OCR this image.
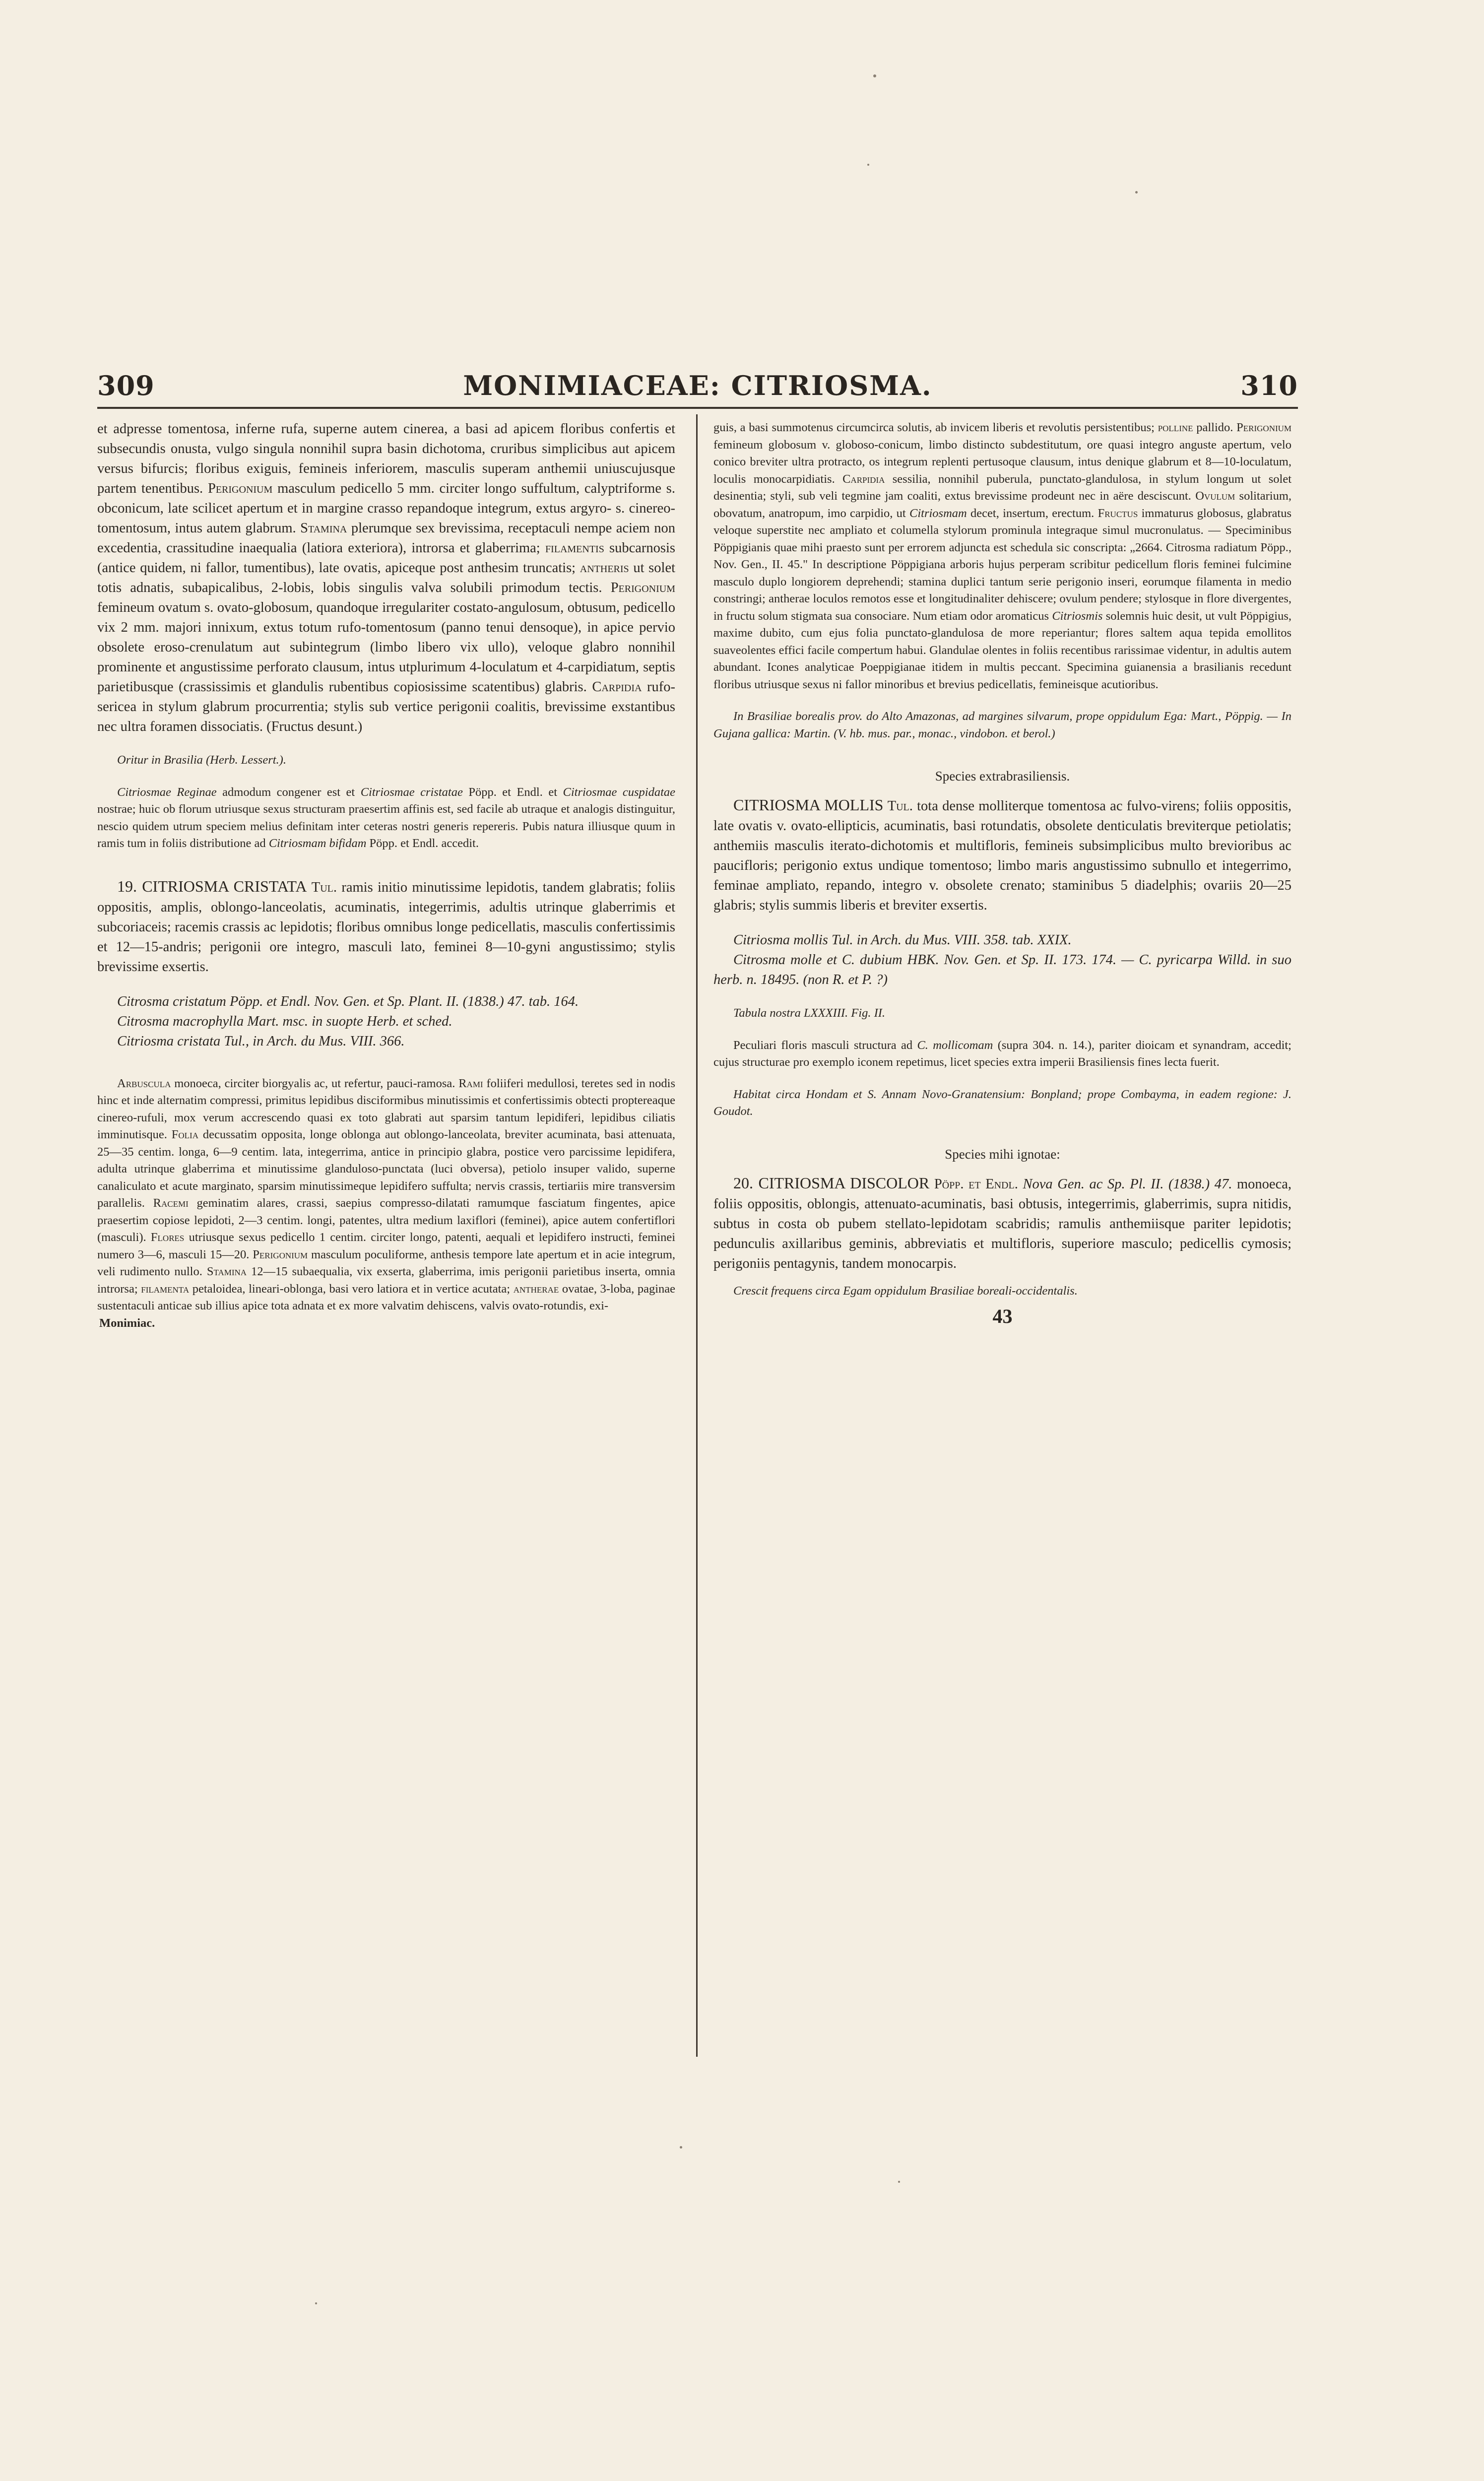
309	MONIMIACEAE: CITRIOSMA.	310

et adpresse tomentosa, inferne rufa, superne autem cinerea, a basi ad apicem floribus confertis et subsecundis onusta, vulgo singula nonnihil supra basin dichotoma, cruribus simplicibus aut apicem versus bifurcis; floribus exiguis, femineis inferiorem, masculis superam anthemii uniuscujusque partem tenentibus. Perigonium masculum pedicello 5 mm. circiter longo suffultum, calyptriforme s. obconicum, late scilicet apertum et in margine crasso repandoque integrum, extus argyro- s. cinereo-tomentosum, intus autem glabrum. Stamina plerumque sex brevissima, receptaculi nempe aciem non excedentia, crassitudine inaequalia (latiora exteriora), introrsa et glaberrima; filamentis subcarnosis (antice quidem, ni fallor, tumentibus), late ovatis, apiceque post anthesim truncatis; antheris ut solet totis adnatis, subapicalibus, 2-lobis, lobis singulis valva solubili primodum tectis. Perigonium femineum ovatum s. ovato-globosum, quandoque irregulariter costato-angulosum, obtusum, pedicello vix 2 mm. majori innixum, extus totum rufo-tomentosum (panno tenui densoque), in apice pervio obsolete eroso-crenulatum aut subintegrum (limbo libero vix ullo), veloque glabro nonnihil prominente et angustissime perforato clausum, intus utplurimum 4-loculatum et 4-carpidiatum, septis parietibusque (crassissimis et glandulis rubentibus copiosissime scatentibus) glabris. Carpidia rufo-sericea in stylum glabrum procurrentia; stylis sub vertice perigonii coalitis, brevissime exstantibus nec ultra foramen dissociatis. (Fructus desunt.)

Oritur in Brasilia (Herb. Lessert.).

Citriosmae Reginae admodum congener est et Citriosmae cristatae Pöpp. et Endl. et Citriosmae cuspidatae nostrae; huic ob florum utriusque sexus structuram praesertim affinis est, sed facile ab utraque et analogis distinguitur, nescio quidem utrum speciem melius definitam inter ceteras nostri generis repereris. Pubis natura illiusque quum in ramis tum in foliis distributione ad Citriosmam bifidam Pöpp. et Endl. accedit.

19. CITRIOSMA CRISTATA Tul. ramis initio minutissime lepidotis, tandem glabratis; foliis oppositis, amplis, oblongo-lanceolatis, acuminatis, integerrimis, adultis utrinque glaberrimis et subcoriaceis; racemis crassis ac lepidotis; floribus omnibus longe pedicellatis, masculis confertissimis et 12—15-andris; perigonii ore integro, masculi lato, feminei 8—10-gyni angustissimo; stylis brevissime exsertis.

Citrosma cristatum Pöpp. et Endl. Nov. Gen. et Sp. Plant. II. (1838.) 47. tab. 164.

Citrosma macrophylla Mart. msc. in suopte Herb. et sched.

Citriosma cristata Tul., in Arch. du Mus. VIII. 366.

Arbuscula monoeca, circiter biorgyalis ac, ut refertur, pauci-ramosa. Rami foliiferi medullosi, teretes sed in nodis hinc et inde alternatim compressi, primitus lepidibus disciformibus minutissimis et confertissimis obtecti proptereaque cinereo-rufuli, mox verum accrescendo quasi ex toto glabrati aut sparsim tantum lepidiferi, lepidibus ciliatis imminutisque. Folia decussatim opposita, longe oblonga aut oblongo-lanceolata, breviter acuminata, basi attenuata, 25—35 centim. longa, 6—9 centim. lata, integerrima, antice in principio glabra, postice vero parcissime lepidifera, adulta utrinque glaberrima et minutissime glanduloso-punctata (luci obversa), petiolo insuper valido, superne canaliculato et acute marginato, sparsim minutissimeque lepidifero suffulta; nervis crassis, tertiariis mire transversim parallelis. Racemi geminatim alares, crassi, saepius compresso-dilatati ramumque fasciatum fingentes, apice praesertim copiose lepidoti, 2—3 centim. longi, patentes, ultra medium laxiflori (feminei), apice autem confertiflori (masculi). Flores utriusque sexus pedicello 1 centim. circiter longo, patenti, aequali et lepidifero instructi, feminei numero 3—6, masculi 15—20. Perigonium masculum poculiforme, anthesis tempore late apertum et in acie integrum, veli rudimento nullo. Stamina 12—15 subaequalia, vix exserta, glaberrima, imis perigonii parietibus inserta, omnia introrsa; filamenta petaloidea, lineari-oblonga, basi vero latiora et in vertice acutata; antherae ovatae, 3-loba, paginae sustentaculi anticae sub illius apice tota adnata et ex more valvatim dehiscens, valvis ovato-rotundis, exi-

Monimiac.

guis, a basi summotenus circumcirca solutis, ab invicem liberis et revolutis persistentibus; polline pallido. Perigonium femineum globosum v. globoso-conicum, limbo distincto subdestitutum, ore quasi integro anguste apertum, velo conico breviter ultra protracto, os integrum replenti pertusoque clausum, intus denique glabrum et 8—10-loculatum, loculis monocarpidiatis. Carpidia sessilia, nonnihil puberula, punctato-glandulosa, in stylum longum ut solet desinentia; styli, sub veli tegmine jam coaliti, extus brevissime prodeunt nec in aëre desciscunt. Ovulum solitarium, obovatum, anatropum, imo carpidio, ut Citriosmam decet, insertum, erectum. Fructus immaturus globosus, glabratus veloque superstite nec ampliato et columella stylorum prominula integraque simul mucronulatus. — Speciminibus Pöppigianis quae mihi praesto sunt per errorem adjuncta est schedula sic conscripta: „2664. Citrosma radiatum Pöpp., Nov. Gen., II. 45." In descriptione Pöppigiana arboris hujus perperam scribitur pedicellum floris feminei fulcimine masculo duplo longiorem deprehendi; stamina duplici tantum serie perigonio inseri, eorumque filamenta in medio constringi; antherae loculos remotos esse et longitudinaliter dehiscere; ovulum pendere; stylosque in flore divergentes, in fructu solum stigmata sua consociare. Num etiam odor aromaticus Citriosmis solemnis huic desit, ut vult Pöppigius, maxime dubito, cum ejus folia punctato-glandulosa de more reperiantur; flores saltem aqua tepida emollitos suaveolentes effici facile compertum habui. Glandulae olentes in foliis recentibus rarissimae videntur, in adultis autem abundant. Icones analyticae Poeppigianae itidem in multis peccant. Specimina guianensia a brasilianis recedunt floribus utriusque sexus ni fallor minoribus et brevius pedicellatis, femineisque acutioribus.

In Brasiliae borealis prov. do Alto Amazonas, ad margines silvarum, prope oppidulum Ega: Mart., Pöppig. — In Gujana gallica: Martin. (V. hb. mus. par., monac., vindobon. et berol.)

Species extrabrasiliensis.

CITRIOSMA MOLLIS Tul. tota dense molliterque tomentosa ac fulvo-virens; foliis oppositis, late ovatis v. ovato-ellipticis, acuminatis, basi rotundatis, obsolete denticulatis breviterque petiolatis; anthemiis masculis iterato-dichotomis et multifloris, femineis subsimplicibus multo brevioribus ac paucifloris; perigonio extus undique tomentoso; limbo maris angustissimo subnullo et integerrimo, feminae ampliato, repando, integro v. obsolete crenato; staminibus 5 diadelphis; ovariis 20—25 glabris; stylis summis liberis et breviter exsertis.

Citriosma mollis Tul. in Arch. du Mus. VIII. 358. tab. XXIX.

Citrosma molle et C. dubium HBK. Nov. Gen. et Sp. II. 173. 174. — C. pyricarpa Willd. in suo herb. n. 18495. (non R. et P. ?)

Tabula nostra LXXXIII. Fig. II.

Peculiari floris masculi structura ad C. mollicomam (supra 304. n. 14.), pariter dioicam et synandram, accedit; cujus structurae pro exemplo iconem repetimus, licet species extra imperii Brasiliensis fines lecta fuerit.

Habitat circa Hondam et S. Annam Novo-Granatensium: Bonpland; prope Combayma, in eadem regione: J. Goudot.

Species mihi ignotae:

20. CITRIOSMA DISCOLOR Pöpp. et Endl. Nova Gen. ac Sp. Pl. II. (1838.) 47. monoeca, foliis oppositis, oblongis, attenuato-acuminatis, basi obtusis, integerrimis, glaberrimis, supra nitidis, subtus in costa ob pubem stellato-lepidotam scabridis; ramulis anthemiisque pariter lepidotis; pedunculis axillaribus geminis, abbreviatis et multifloris, superiore masculo; pedicellis cymosis; perigoniis pentagynis, tandem monocarpis.

Crescit frequens circa Egam oppidulum Brasiliae boreali-occidentalis.

43
